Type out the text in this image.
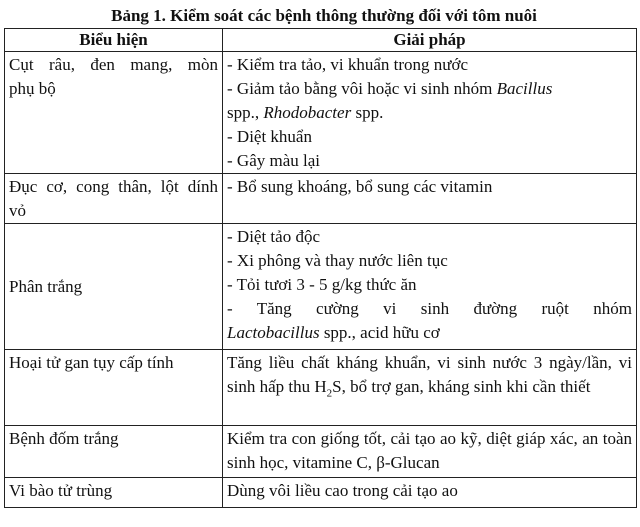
Bảng 1. Kiểm soát các bệnh thông thường đối với tôm nuôi
Biểu hiện	Giải pháp

Cụt râu, đen mang, mòn
phụ bộ	- Kiểm tra tảo, vi khuẩn trong nước
- Giảm tảo bằng vôi hoặc vi sinh nhóm Bacillus
spp., Rhodobacter spp.
- Diệt khuẩn
- Gây màu lại

Đục cơ, cong thân, lột dính
vỏ	- Bổ sung khoáng, bổ sung các vitamin

Phân trắng	- Diệt tảo độc
- Xi phông và thay nước liên tục
- Tỏi tươi 3 - 5 g/kg thức ăn
- Tăng cường vi sinh đường ruột nhóm
Lactobacillus spp., acid hữu cơ

Hoại tử gan tụy cấp tính	Tăng liều chất kháng khuẩn, vi sinh nước 3 ngày/lần, vi sinh hấp thu $H_2S$, bổ trợ gan, kháng sinh khi cần thiết

Bệnh đốm trắng	Kiểm tra con giống tốt, cải tạo ao kỹ, diệt giáp xác, an toàn sinh học, vitamine C, β-Glucan

Vi bào tử trùng	Dùng vôi liều cao trong cải tạo ao
